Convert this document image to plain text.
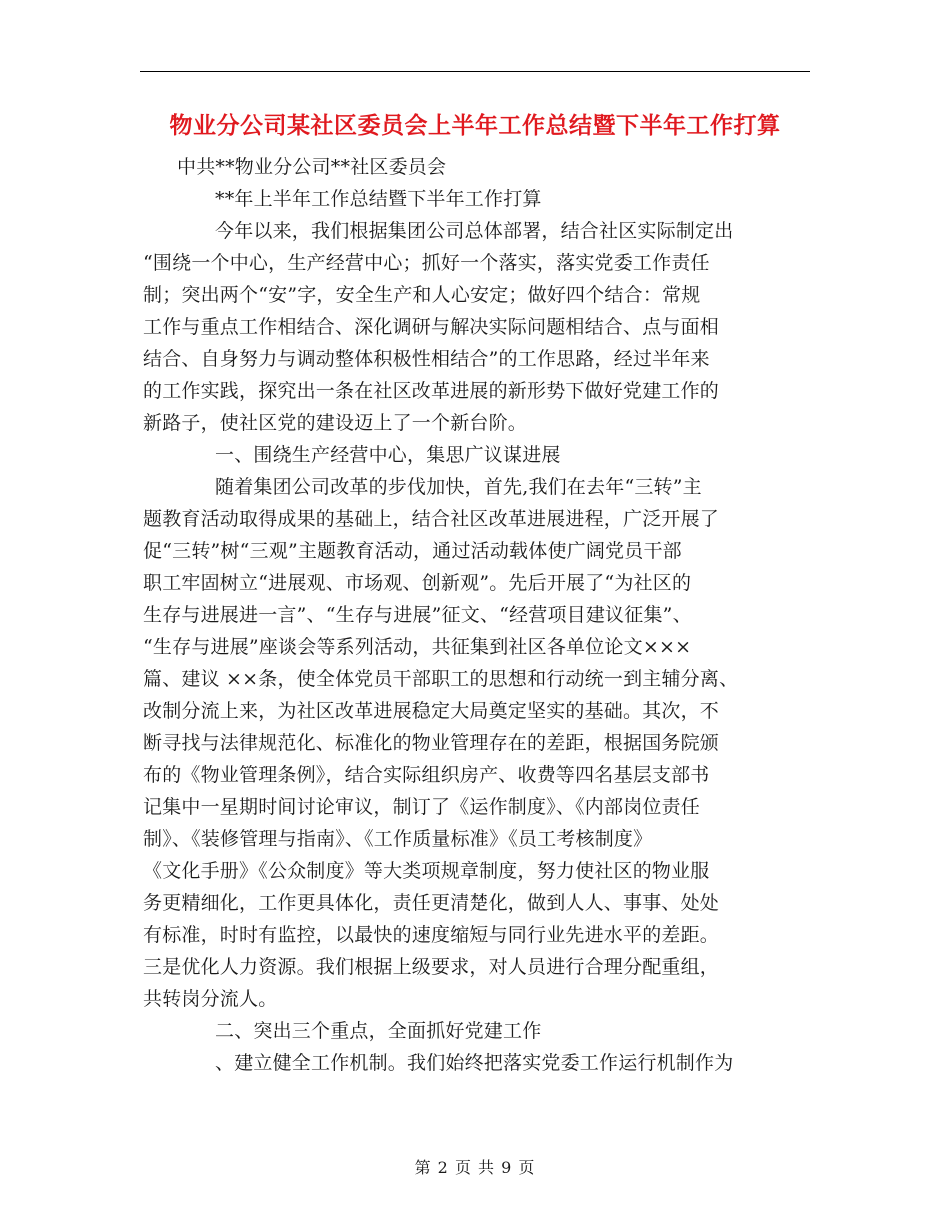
物业分公司某社区委员会上半年工作总结暨下半年工作打算
中共**物业分公司**社区委员会
**年上半年工作总结暨下半年工作打算
今年以来，我们根据集团公司总体部署，结合社区实际制定出
“围绕一个中心，生产经营中心；抓好一个落实，落实党委工作责任
制；突出两个“安”字，安全生产和人心安定；做好四个结合：常规
工作与重点工作相结合、深化调研与解决实际问题相结合、点与面相
结合、自身努力与调动整体积极性相结合”的工作思路，经过半年来
的工作实践，探究出一条在社区改革进展的新形势下做好党建工作的
新路子，使社区党的建设迈上了一个新台阶。
一、围绕生产经营中心，集思广议谋进展
随着集团公司改革的步伐加快，首先,我们在去年“三转”主
题教育活动取得成果的基础上，结合社区改革进展进程，广泛开展了
促“三转”树“三观”主题教育活动，通过活动载体使广阔党员干部
职工牢固树立“进展观、市场观、创新观”。先后开展了“为社区的
生存与进展进一言”、“生存与进展”征文、“经营项目建议征集”、
“生存与进展”座谈会等系列活动，共征集到社区各单位论文×××
篇、建议 ××条，使全体党员干部职工的思想和行动统一到主辅分离、
改制分流上来，为社区改革进展稳定大局奠定坚实的基础。其次，不
断寻找与法律规范化、标准化的物业管理存在的差距，根据国务院颁
布的《物业管理条例》，结合实际组织房产、收费等四名基层支部书
记集中一星期时间讨论审议，制订了《运作制度》、《内部岗位责任
制》、《装修管理与指南》、《工作质量标准》《员工考核制度》
《文化手册》《公众制度》等大类项规章制度，努力使社区的物业服
务更精细化，工作更具体化，责任更清楚化，做到人人、事事、处处
有标准，时时有监控，以最快的速度缩短与同行业先进水平的差距。
三是优化人力资源。我们根据上级要求，对人员进行合理分配重组，
共转岗分流人。
二、突出三个重点，全面抓好党建工作
、建立健全工作机制。我们始终把落实党委工作运行机制作为
第 2 页 共 9 页
